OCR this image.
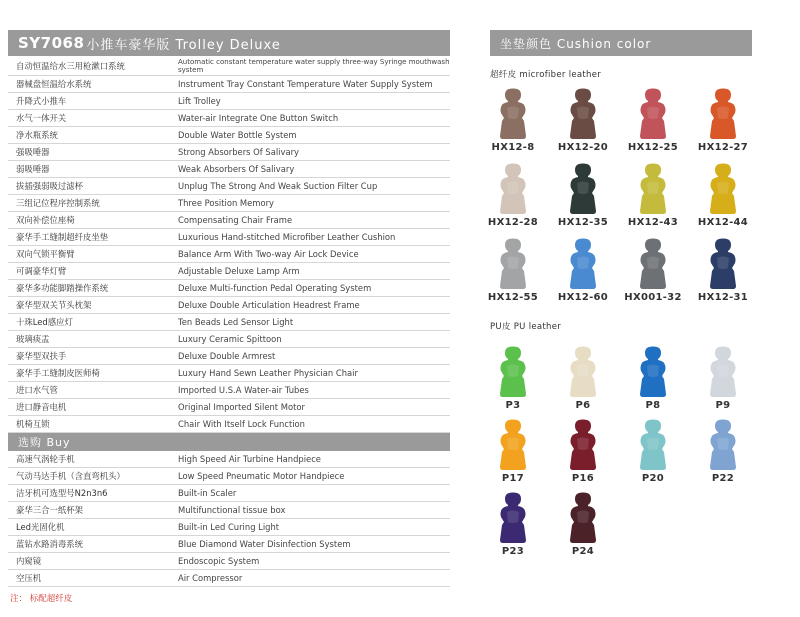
SY7068 小推车豪华版 Trolley Deluxe
自动恒温给水三用枪漱口系统	Automatic constant temperature water supply three-way Syringe mouthwash system
器械盘恒温给水系统	Instrument Tray Constant Temperature Water Supply System
升降式小推车	Lift Trolley
水气一体开关	Water-air Integrate One Button Switch
净水瓶系统	Double Water Bottle System
强吸唾器	Strong Absorbers Of Salivary
弱吸唾器	Weak Absorbers Of Salivary
拔插强弱吸过滤杯	Unplug The Strong And Weak Suction Filter Cup
三组记位程序控制系统	Three Position Memory
双向补偿位座椅	Compensating Chair Frame
豪华手工缝制超纤皮坐垫	Luxurious Hand-stitched Microfiber Leather Cushion
双向气锁平衡臂	Balance Arm With Two-way Air Lock Device
可调豪华灯臂	Adjustable Deluxe Lamp Arm
豪华多功能脚踏操作系统	Deluxe Multi-function Pedal Operating System
豪华型双关节头枕架	Deluxe Double Articulation Headrest Frame
十珠Led感应灯	Ten Beads Led Sensor Light
玻璃痰盂	Luxury Ceramic Spittoon
豪华型双扶手	Deluxe Double Armrest
豪华手工缝制皮医师椅	Luxury Hand Sewn Leather Physician Chair
进口水气管	Imported U.S.A Water-air Tubes
进口静音电机	Original Imported Silent Motor
机椅互锁	Chair With Itself Lock Function
选购 Buy
高速气涡轮手机	High Speed Air Turbine Handpiece
气动马达手机（含直弯机头）	Low Speed Pneumatic Motor Handpiece
洁牙机可选型号N2n3n6	Built-in Scaler
豪华三合一纸杯架	Multifunctional tissue box
Led光固化机	Built-in Led Curing Light
蓝钻水路消毒系统	Blue Diamond Water Disinfection System
内窥镜	Endoscopic System
空压机	Air Compressor
注： 标配超纤皮
坐垫颜色 Cushion color
超纤皮 microfiber leather
HX12-8	HX12-20	HX12-25	HX12-27
HX12-28	HX12-35	HX12-43	HX12-44
HX12-55	HX12-60	HX001-32	HX12-31
PU皮 PU leather
P3	P6	P8	P9
P17	P16	P20	P22
P23	P24
